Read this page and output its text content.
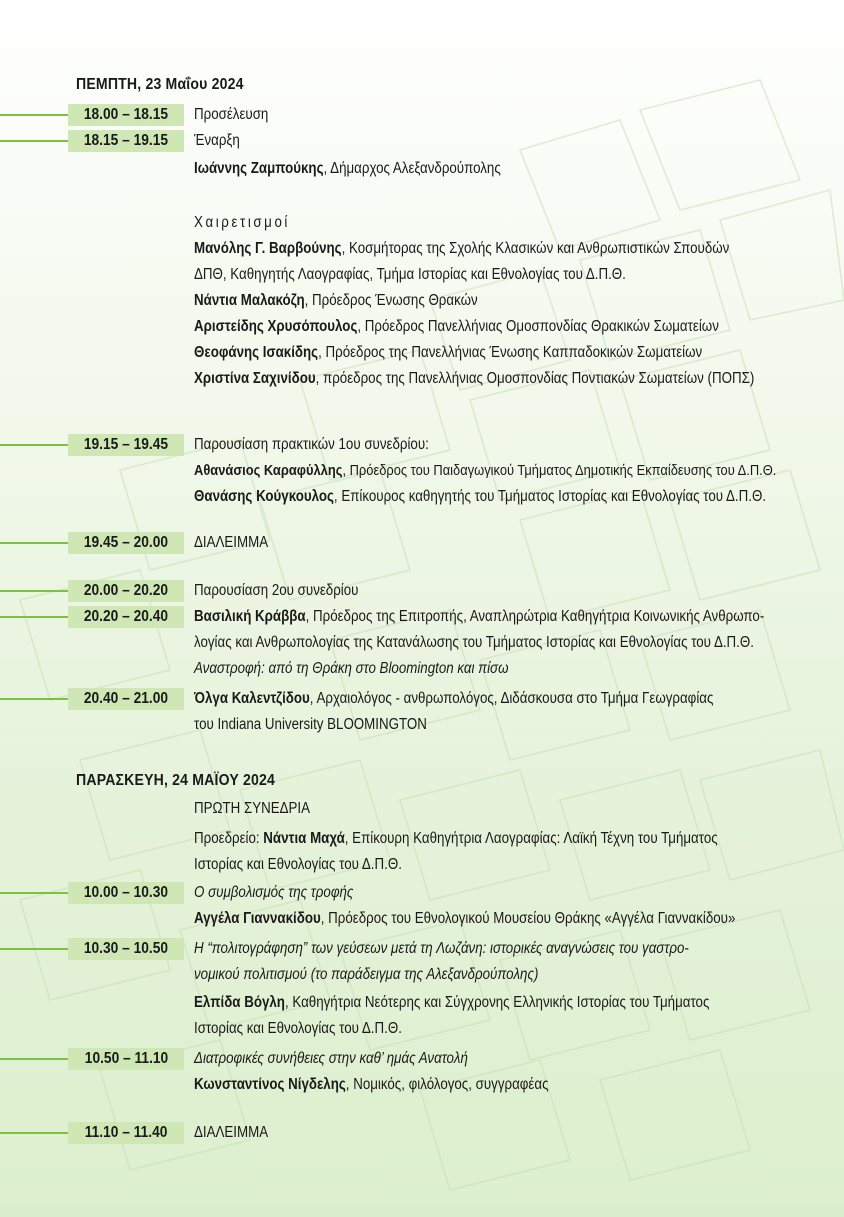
ΠΕΜΠΤΗ, 23 Μαΐου 2024
18.00 – 18.15	Προσέλευση
18.15 – 19.15	Έναρξη
Ιωάννης Ζαμπούκης, Δήμαρχος Αλεξανδρούπολης
Χαιρετισμοί
Μανόλης Γ. Βαρβούνης, Κοσμήτορας της Σχολής Κλασικών και Ανθρωπιστικών Σπουδών
ΔΠΘ, Καθηγητής Λαογραφίας, Τμήμα Ιστορίας και Εθνολογίας του Δ.Π.Θ.
Νάντια Μαλακόζη, Πρόεδρος Ένωσης Θρακών
Αριστείδης Χρυσόπουλος, Πρόεδρος Πανελλήνιας Ομοσπονδίας Θρακικών Σωματείων
Θεοφάνης Ισακίδης, Πρόεδρος της Πανελλήνιας Ένωσης Καππαδοκικών Σωματείων
Χριστίνα Σαχινίδου, πρόεδρος της Πανελλήνιας Ομοσπονδίας Ποντιακών Σωματείων (ΠΟΠΣ)
19.15 – 19.45	Παρουσίαση πρακτικών 1ου συνεδρίου:
Αθανάσιος Καραφύλλης, Πρόεδρος του Παιδαγωγικού Τμήματος Δημοτικής Εκπαίδευσης του Δ.Π.Θ.
Θανάσης Κούγκουλος, Επίκουρος καθηγητής του Τμήματος Ιστορίας και Εθνολογίας του Δ.Π.Θ.
19.45 – 20.00	ΔΙΑΛΕΙΜΜΑ
20.00 – 20.20	Παρουσίαση 2ου συνεδρίου
20.20 – 20.40	Βασιλική Κράββα, Πρόεδρος της Επιτροπής, Αναπληρώτρια Καθηγήτρια Κοινωνικής Ανθρωπο-
λογίας και Ανθρωπολογίας της Κατανάλωσης του Τμήματος Ιστορίας και Εθνολογίας του Δ.Π.Θ.
Αναστροφή: από τη Θράκη στο Bloomington και πίσω
20.40 – 21.00	Όλγα Καλεντζίδου, Αρχαιολόγος - ανθρωπολόγος, Διδάσκουσα στο Τμήμα Γεωγραφίας
του Indiana University BLOOMINGTON
ΠΑΡΑΣΚΕΥΗ, 24 ΜΑΪΟΥ 2024
ΠΡΩΤΗ ΣΥΝΕΔΡΙΑ
Προεδρείο: Νάντια Μαχά, Επίκουρη Καθηγήτρια Λαογραφίας: Λαϊκή Τέχνη του Τμήματος
Ιστορίας και Εθνολογίας του Δ.Π.Θ.
10.00 – 10.30	Ο συμβολισμός της τροφής
Αγγέλα Γιαννακίδου, Πρόεδρος του Εθνολογικού Μουσείου Θράκης «Αγγέλα Γιαννακίδου»
10.30 – 10.50	Η “πολιτογράφηση” των γεύσεων μετά τη Λωζάνη: ιστορικές αναγνώσεις του γαστρο-
νομικού πολιτισμού (το παράδειγμα της Αλεξανδρούπολης)
Ελπίδα Βόγλη, Καθηγήτρια Νεότερης και Σύγχρονης Ελληνικής Ιστορίας του Τμήματος
Ιστορίας και Εθνολογίας του Δ.Π.Θ.
10.50 – 11.10	Διατροφικές συνήθειες στην καθ’ ημάς Ανατολή
Κωνσταντίνος Νίγδελης, Νομικός, φιλόλογος, συγγραφέας
11.10 – 11.40	ΔΙΑΛΕΙΜΜΑ
